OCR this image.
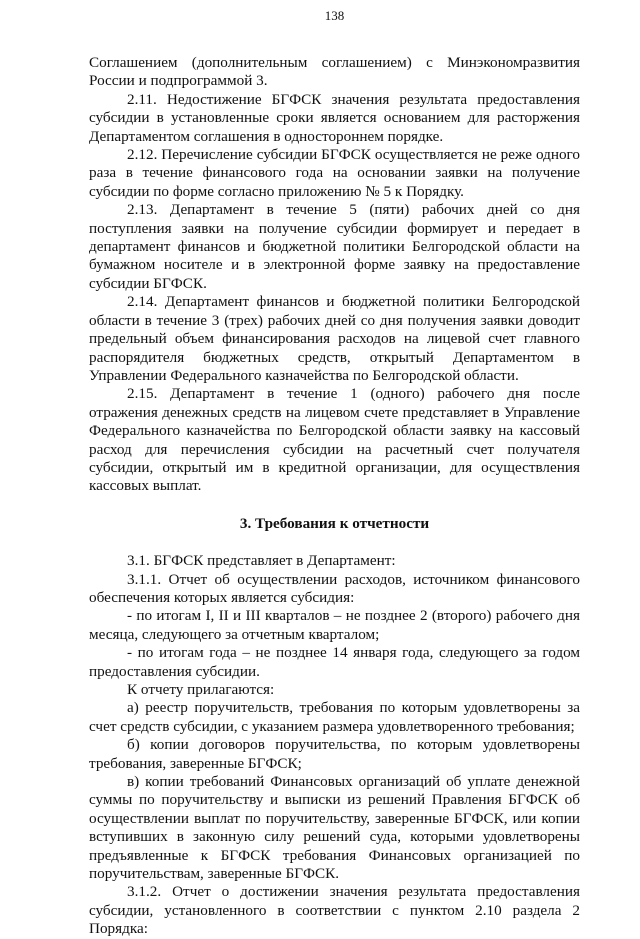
138

Соглашением (дополнительным соглашением) с Минэкономразвития России и подпрограммой 3.

2.11. Недостижение БГФСК значения результата предоставления субсидии в установленные сроки является основанием для расторжения Департаментом соглашения в одностороннем порядке.

2.12. Перечисление субсидии БГФСК осуществляется не реже одного раза в течение финансового года на основании заявки на получение субсидии по форме согласно приложению № 5 к Порядку.

2.13. Департамент в течение 5 (пяти) рабочих дней со дня поступления заявки на получение субсидии формирует и передает в департамент финансов и бюджетной политики Белгородской области на бумажном носителе и в электронной форме заявку на предоставление субсидии БГФСК.

2.14. Департамент финансов и бюджетной политики Белгородской области в течение 3 (трех) рабочих дней со дня получения заявки доводит предельный объем финансирования расходов на лицевой счет главного распорядителя бюджетных средств, открытый Департаментом в Управлении Федерального казначейства по Белгородской области.

2.15. Департамент в течение 1 (одного) рабочего дня после отражения денежных средств на лицевом счете представляет в Управление Федерального казначейства по Белгородской области заявку на кассовый расход для перечисления субсидии на расчетный счет получателя субсидии, открытый им в кредитной организации, для осуществления кассовых выплат.

3. Требования к отчетности

3.1. БГФСК представляет в Департамент:

3.1.1. Отчет об осуществлении расходов, источником финансового обеспечения которых является субсидия:

- по итогам I, II и III кварталов – не позднее 2 (второго) рабочего дня месяца, следующего за отчетным кварталом;

- по итогам года – не позднее 14 января года, следующего за годом предоставления субсидии.

К отчету прилагаются:

а) реестр поручительств, требования по которым удовлетворены за счет средств субсидии, с указанием размера удовлетворенного требования;

б) копии договоров поручительства, по которым удовлетворены требования, заверенные БГФСК;

в) копии требований Финансовых организаций об уплате денежной суммы по поручительству и выписки из решений Правления БГФСК об осуществлении выплат по поручительству, заверенные БГФСК, или копии вступивших в законную силу решений суда, которыми удовлетворены предъявленные к БГФСК требования Финансовых организацией по поручительствам, заверенные БГФСК.

3.1.2. Отчет о достижении значения результата предоставления субсидии, установленного в соответствии с пунктом 2.10 раздела 2 Порядка:
